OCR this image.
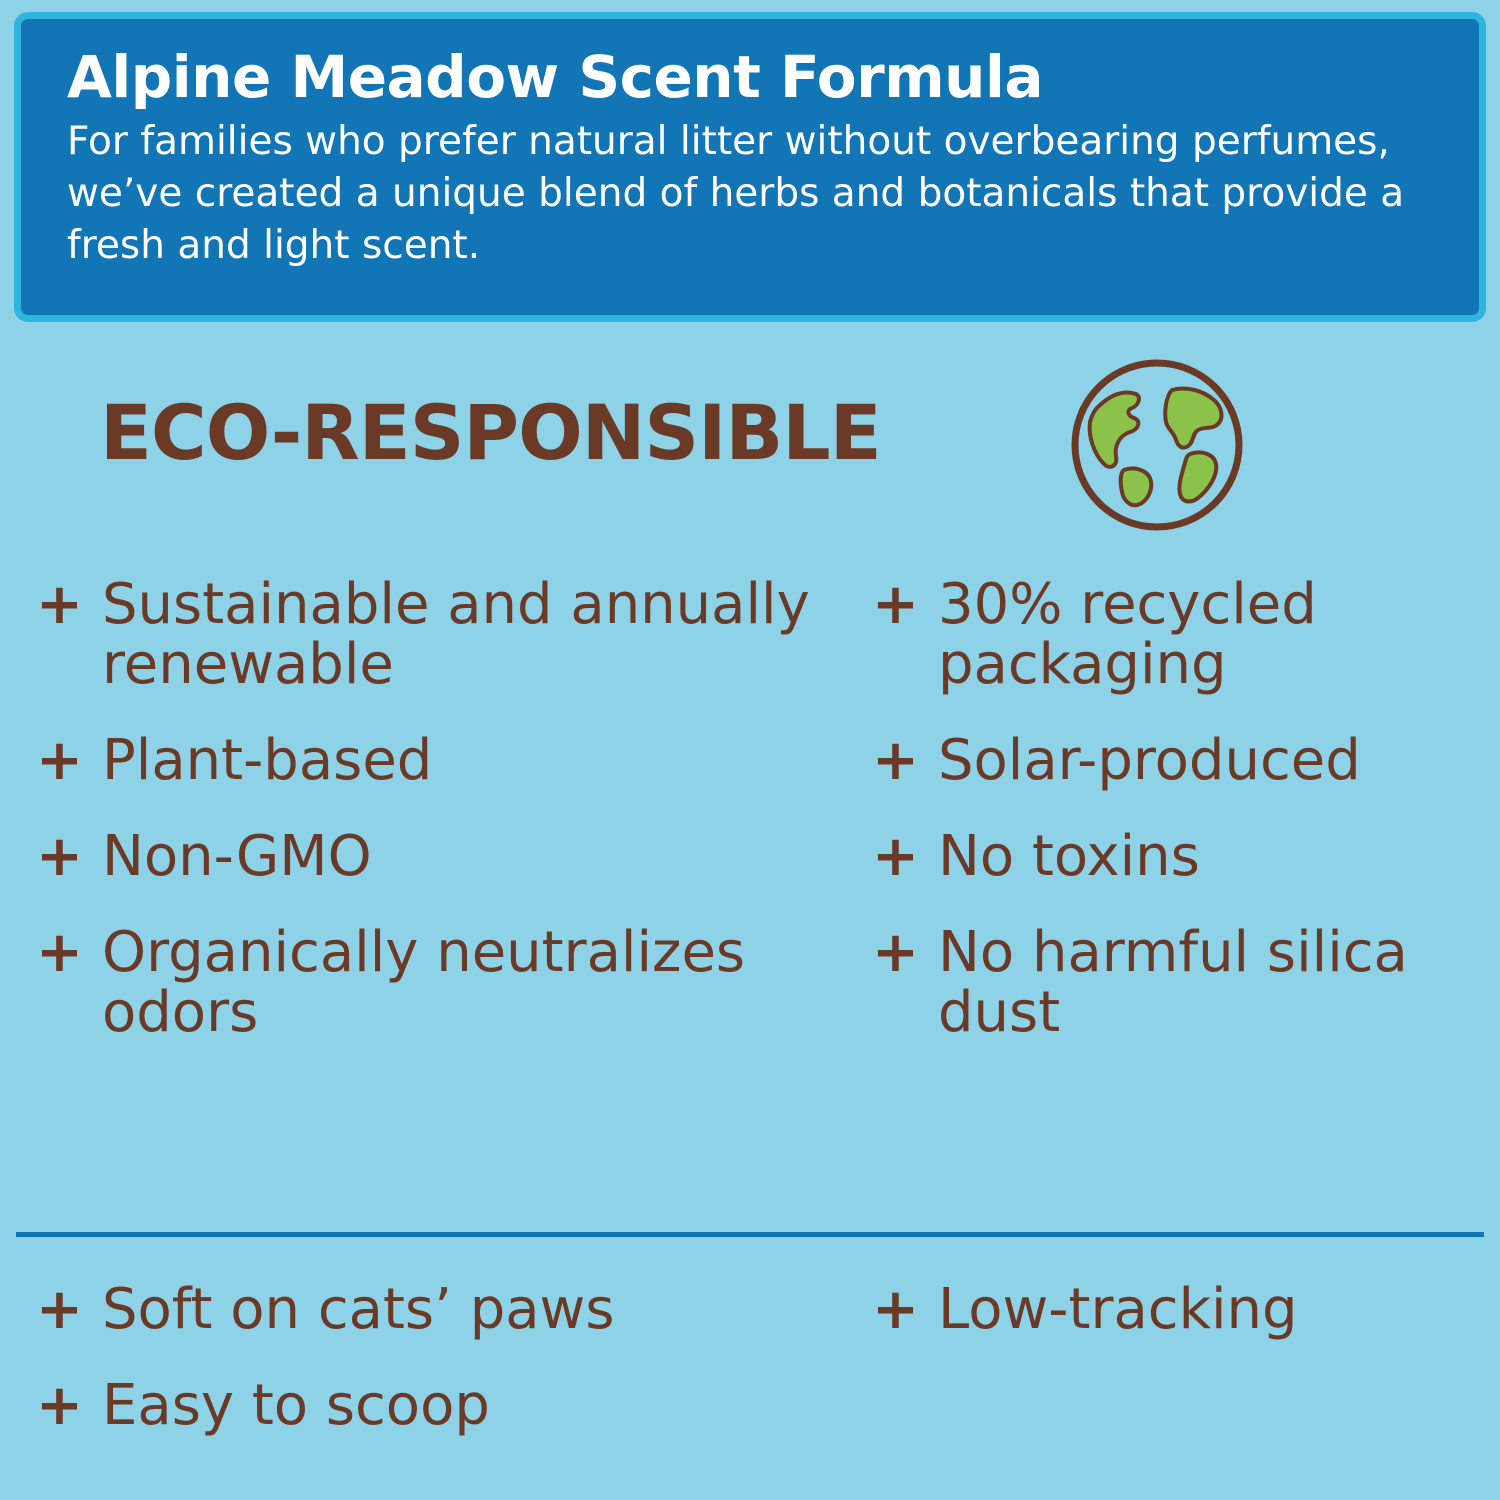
Alpine Meadow Scent Formula
For families who prefer natural litter without overbearing perfumes, we’ve created a unique blend of herbs and botanicals that provide a fresh and light scent.
ECO-RESPONSIBLE
+ Sustainable and annually renewable
+ Plant-based
+ Non-GMO
+ Organically neutralizes odors
+ 30% recycled packaging
+ Solar-produced
+ No toxins
+ No harmful silica dust
+ Soft on cats’ paws
+ Easy to scoop
+ Low-tracking
